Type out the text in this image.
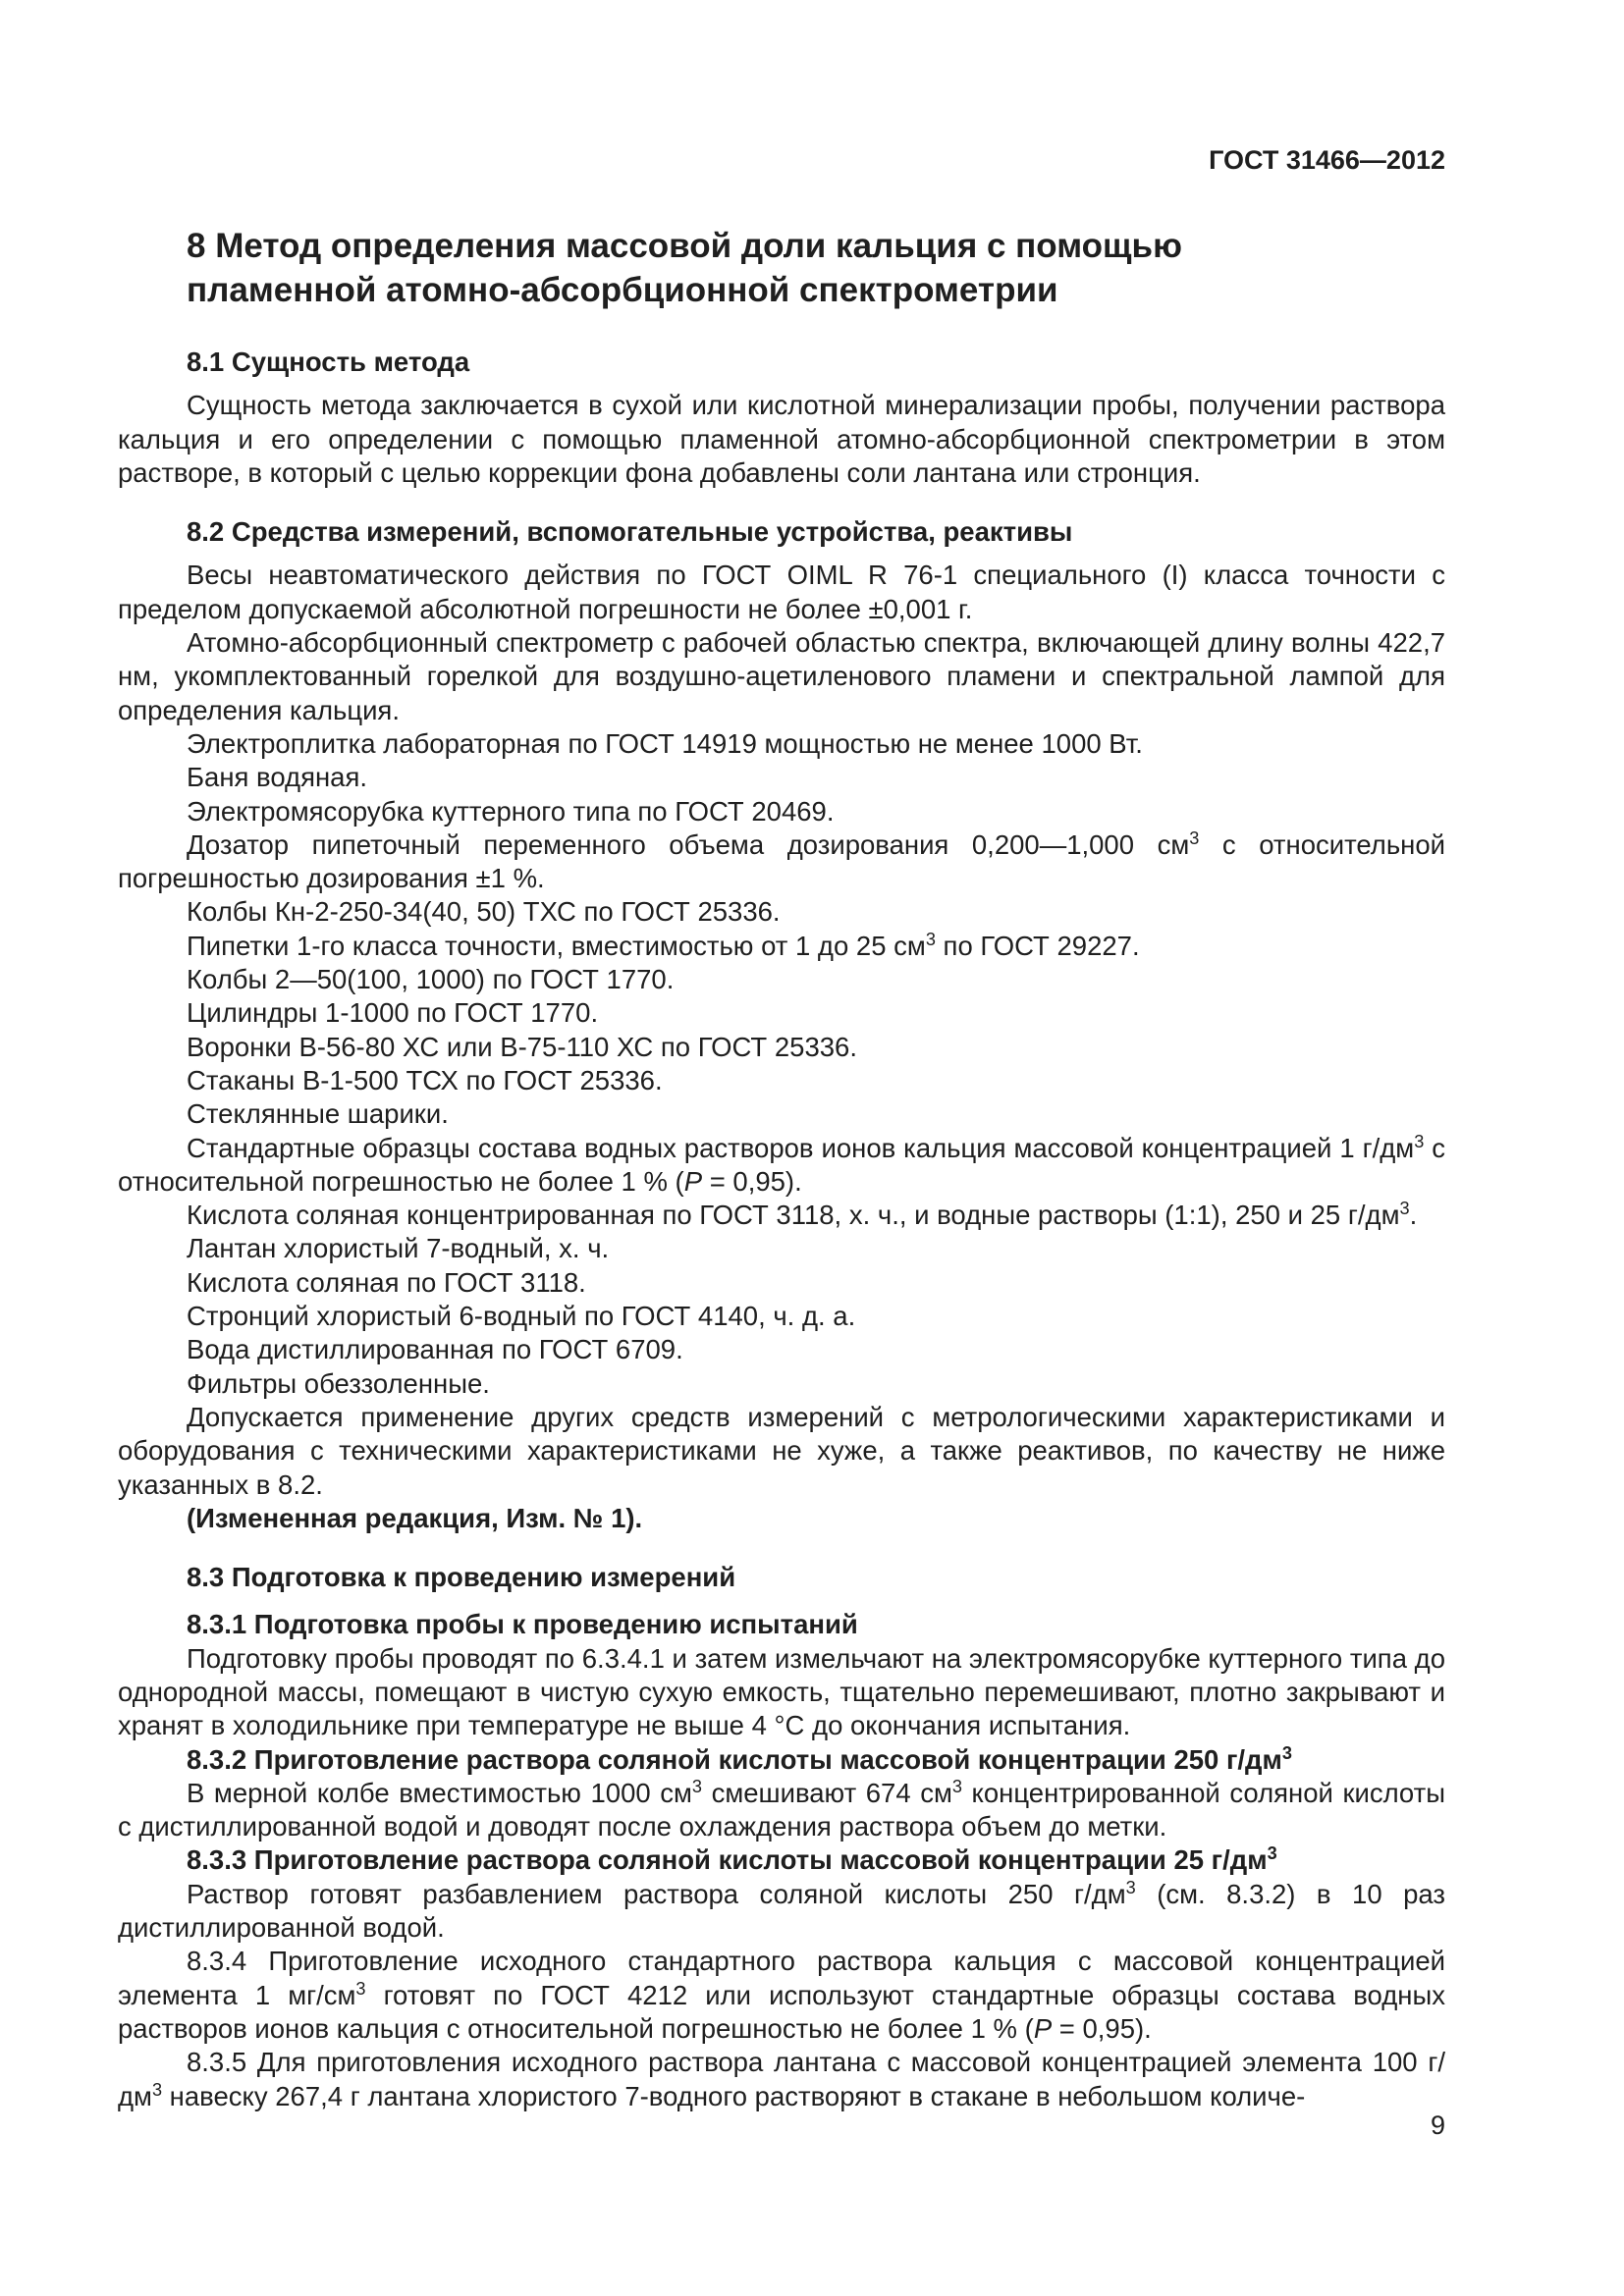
ГОСТ 31466—2012
8 Метод определения массовой доли кальция с помощью
пламенной атомно-абсорбционной спектрометрии
8.1 Сущность метода

Сущность метода заключается в сухой или кислотной минерализации пробы, получении раствора кальция и его определении с помощью пламенной атомно-абсорбционной спектрометрии в этом растворе, в который с целью коррекции фона добавлены соли лантана или стронция.

8.2 Средства измерений, вспомогательные устройства, реактивы

Весы неавтоматического действия по ГОСТ OIML R 76-1 специального (I) класса точности с пределом допускаемой абсолютной погрешности не более ±0,001 г.

Атомно-абсорбционный спектрометр с рабочей областью спектра, включающей длину волны 422,7 нм, укомплектованный горелкой для воздушно-ацетиленового пламени и спектральной лампой для определения кальция.

Электроплитка лабораторная по ГОСТ 14919 мощностью не менее 1000 Вт.

Баня водяная.

Электромясорубка куттерного типа по ГОСТ 20469.

Дозатор пипеточный переменного объема дозирования 0,200—1,000 $см^3$ с относительной погрешностью дозирования ±1 %.

Колбы Кн-2-250-34(40, 50) ТХС по ГОСТ 25336.

Пипетки 1-го класса точности, вместимостью от 1 до 25 $см^3$ по ГОСТ 29227.

Колбы 2—50(100, 1000) по ГОСТ 1770.

Цилиндры 1-1000 по ГОСТ 1770.

Воронки В-56-80 ХС или В-75-110 ХС по ГОСТ 25336.

Стаканы В-1-500 ТСХ по ГОСТ 25336.

Стеклянные шарики.

Стандартные образцы состава водных растворов ионов кальция массовой концентрацией 1 $г/дм^3$ с относительной погрешностью не более 1 % (P = 0,95).

Кислота соляная концентрированная по ГОСТ 3118, х. ч., и водные растворы (1:1), 250 и 25 $г/дм^3$.

Лантан хлористый 7-водный, х. ч.

Кислота соляная по ГОСТ 3118.

Стронций хлористый 6-водный по ГОСТ 4140, ч. д. а.

Вода дистиллированная по ГОСТ 6709.

Фильтры обеззоленные.

Допускается применение других средств измерений с метрологическими характеристиками и оборудования с техническими характеристиками не хуже, а также реактивов, по качеству не ниже указанных в 8.2.

(Измененная редакция, Изм. № 1).

8.3 Подготовка к проведению измерений
8.3.1 Подготовка пробы к проведению испытаний

Подготовку пробы проводят по 6.3.4.1 и затем измельчают на электромясорубке куттерного типа до однородной массы, помещают в чистую сухую емкость, тщательно перемешивают, плотно закрывают и хранят в холодильнике при температуре не выше 4 °С до окончания испытания.

8.3.2 Приготовление раствора соляной кислоты массовой концентрации 250 $г/дм^3$

В мерной колбе вместимостью 1000 $см^3$ смешивают 674 $см^3$ концентрированной соляной кислоты с дистиллированной водой и доводят после охлаждения раствора объем до метки.

8.3.3 Приготовление раствора соляной кислоты массовой концентрации 25 $г/дм^3$

Раствор готовят разбавлением раствора соляной кислоты 250 $г/дм^3$ (см. 8.3.2) в 10 раз дистиллированной водой.

8.3.4 Приготовление исходного стандартного раствора кальция с массовой концентрацией элемента 1 $мг/см^3$ готовят по ГОСТ 4212 или используют стандартные образцы состава водных растворов ионов кальция с относительной погрешностью не более 1 % (P = 0,95).

8.3.5 Для приготовления исходного раствора лантана с массовой концентрацией элемента 100 $г/дм^3$ навеску 267,4 г лантана хлористого 7-водного растворяют в стакане в небольшом количе-

9
